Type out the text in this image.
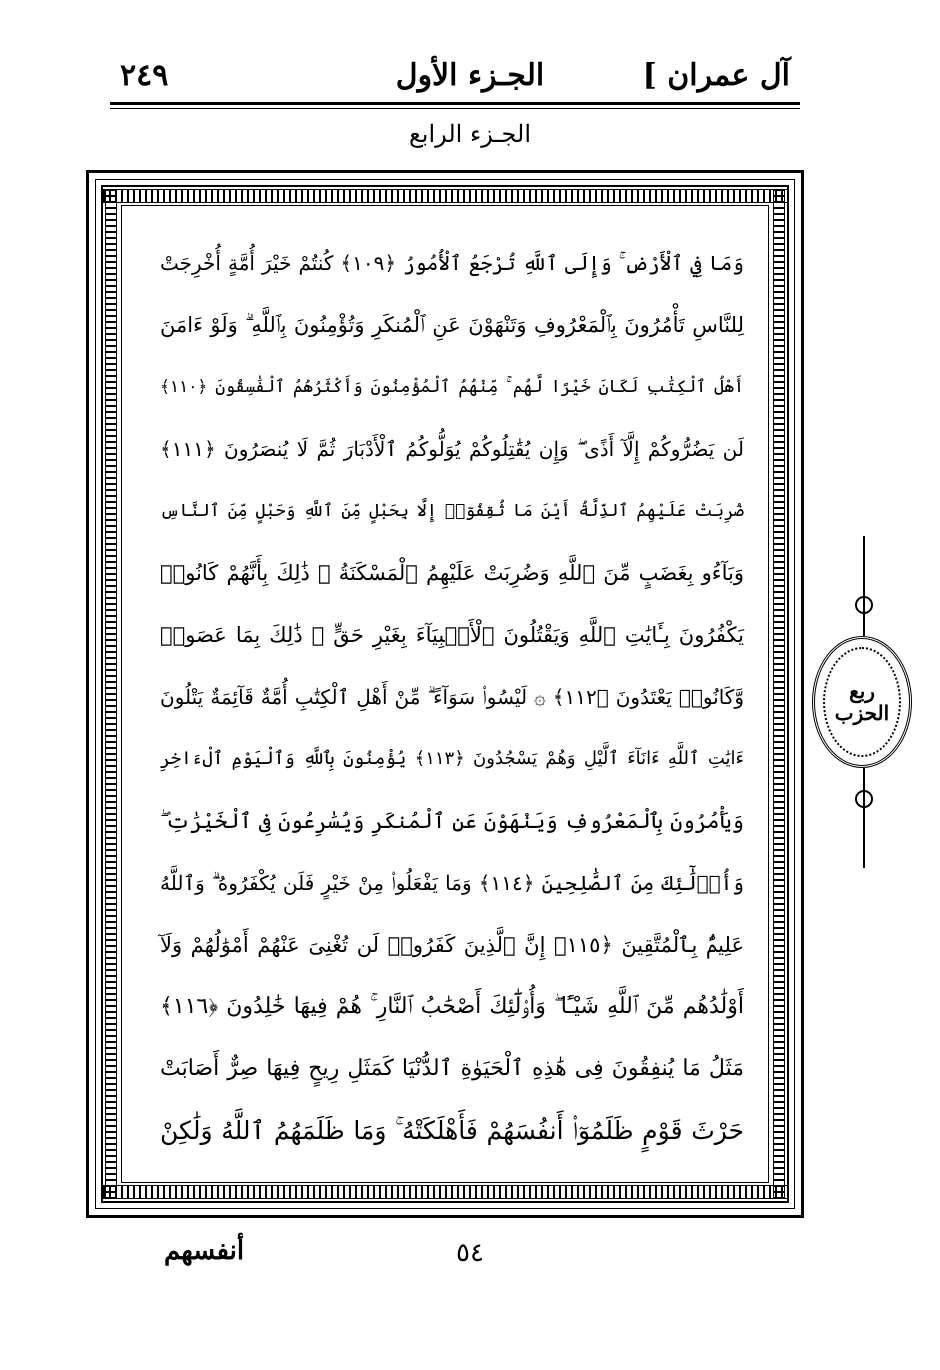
٢٤٩	الجـزء الأول	آل عمران ]
الجـزء الرابع
وَمَا فِي ٱلْأَرْضِ ۚ وَإِلَى ٱللَّهِ تُرْجَعُ ٱلْأُمُورُ ﴿١٠٩﴾ كُنتُمْ خَيْرَ أُمَّةٍ أُخْرِجَتْ
لِلنَّاسِ تَأْمُرُونَ بِٱلْمَعْرُوفِ وَتَنْهَوْنَ عَنِ ٱلْمُنكَرِ وَتُؤْمِنُونَ بِٱللَّهِ ۗ وَلَوْ ءَامَنَ
أَهْلُ ٱلْكِتَٰبِ لَكَانَ خَيْرًا لَّهُم ۚ مِّنْهُمُ ٱلْمُؤْمِنُونَ وَأَكْثَرُهُمُ ٱلْفَٰسِقُونَ ﴿١١٠﴾
لَن يَضُرُّوكُمْ إِلَّآ أَذًى ۖ وَإِن يُقَٰتِلُوكُمْ يُوَلُّوكُمُ ٱلْأَدْبَارَ ثُمَّ لَا يُنصَرُونَ ﴿١١١﴾
ضُرِبَتْ عَلَيْهِمُ ٱلذِّلَّةُ أَيْنَ مَا ثُقِفُوٓا۟ إِلَّا بِحَبْلٍ مِّنَ ٱللَّهِ وَحَبْلٍ مِّنَ ٱلنَّاسِ
وَبَآءُو بِغَضَبٍ مِّنَ ٱللَّهِ وَضُرِبَتْ عَلَيْهِمُ ٱلْمَسْكَنَةُ ۚ ذَٰلِكَ بِأَنَّهُمْ كَانُوا۟
يَكْفُرُونَ بِـَٔايَٰتِ ٱللَّهِ وَيَقْتُلُونَ ٱلْأَنۢبِيَآءَ بِغَيْرِ حَقٍّ ۚ ذَٰلِكَ بِمَا عَصَوا۟
وَّكَانُوا۟ يَعْتَدُونَ ﴿١١٢﴾ ۞ لَيْسُوا۟ سَوَآءً ۗ مِّنْ أَهْلِ ٱلْكِتَٰبِ أُمَّةٌ قَآئِمَةٌ يَتْلُونَ
ءَايَٰتِ ٱللَّهِ ءَانَآءَ ٱلَّيْلِ وَهُمْ يَسْجُدُونَ ﴿١١٣﴾ يُؤْمِنُونَ بِٱللَّهِ وَٱلْيَوْمِ ٱلْءَاخِرِ
وَيَأْمُرُونَ بِٱلْمَعْرُوفِ وَيَنْهَوْنَ عَنِ ٱلْمُنكَرِ وَيُسَٰرِعُونَ فِى ٱلْخَيْرَٰتِ ۖ
وَأُو۟لَٰٓئِكَ مِنَ ٱلصَّٰلِحِينَ ﴿١١٤﴾ وَمَا يَفْعَلُوا۟ مِنْ خَيْرٍ فَلَن يُكْفَرُوهُ ۗ وَٱللَّهُ
عَلِيمٌۢ بِٱلْمُتَّقِينَ ﴿١١٥﴾ إِنَّ ٱلَّذِينَ كَفَرُوا۟ لَن تُغْنِىَ عَنْهُمْ أَمْوَٰلُهُمْ وَلَآ
أَوْلَٰدُهُم مِّنَ ٱللَّهِ شَيْـًٔا ۖ وَأُو۟لَٰٓئِكَ أَصْحَٰبُ ٱلنَّارِ ۚ هُمْ فِيهَا خَٰلِدُونَ ﴿١١٦﴾
مَثَلُ مَا يُنفِقُونَ فِى هَٰذِهِ ٱلْحَيَوٰةِ ٱلدُّنْيَا كَمَثَلِ رِيحٍ فِيهَا صِرٌّ أَصَابَتْ
حَرْثَ قَوْمٍ ظَلَمُوٓا۟ أَنفُسَهُمْ فَأَهْلَكَتْهُ ۚ وَمَا ظَلَمَهُمُ ٱللَّهُ وَلَٰكِنْ
ربع الحزب
٥٤
أنفسهم
